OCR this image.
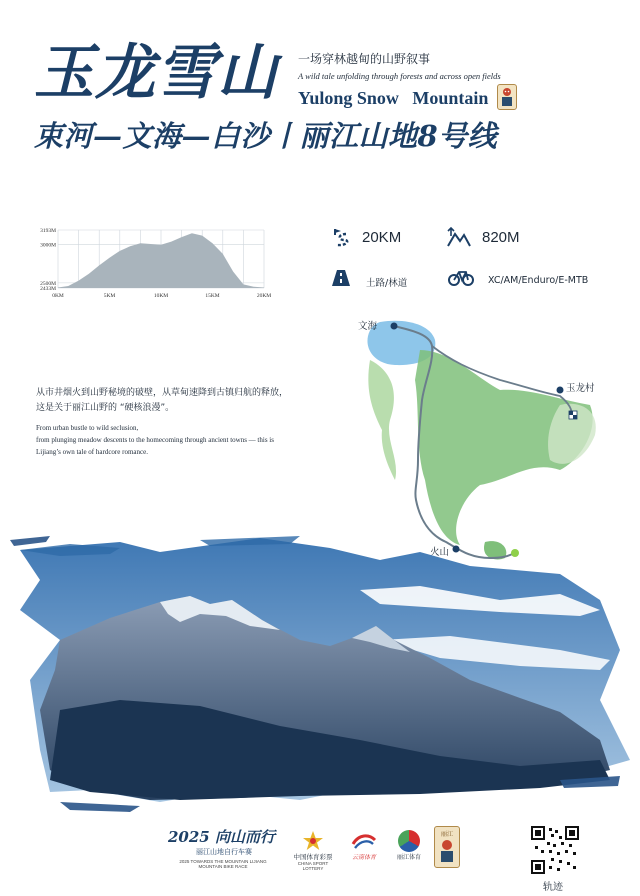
玉龙雪山 一场穿林越甸的山野叙事
A wild tale unfolding through forests and across open fields
Yulong Snow   Mountain
束河—文海—白沙丨丽江山地8号线
3193M
3000M
2500M
2433M
0KM	5KM	10KM	15KM	20KM
20KM	820M
土路/林道	XC/AM/Enduro/E-MTB
从市井烟火到山野秘境的破壁，从草甸速降到古镇归航的释放，
这是关于丽江山野的 “硬核浪漫”。
From urban bustle to wild seclusion,
from plunging meadow descents to the homecoming through ancient towns — this is
Lijiang’s own tale of hardcore romance.
文海
玉龙村
火山
2025 向山而行
丽江山地自行车赛
2025 TOWARDS THE MOUNTAIN LIJIANG MOUNTAIN BIKE RACE
中国体育彩票
CHINA SPORT LOTTERY
云南体育	丽江体育
丽江
轨迹
